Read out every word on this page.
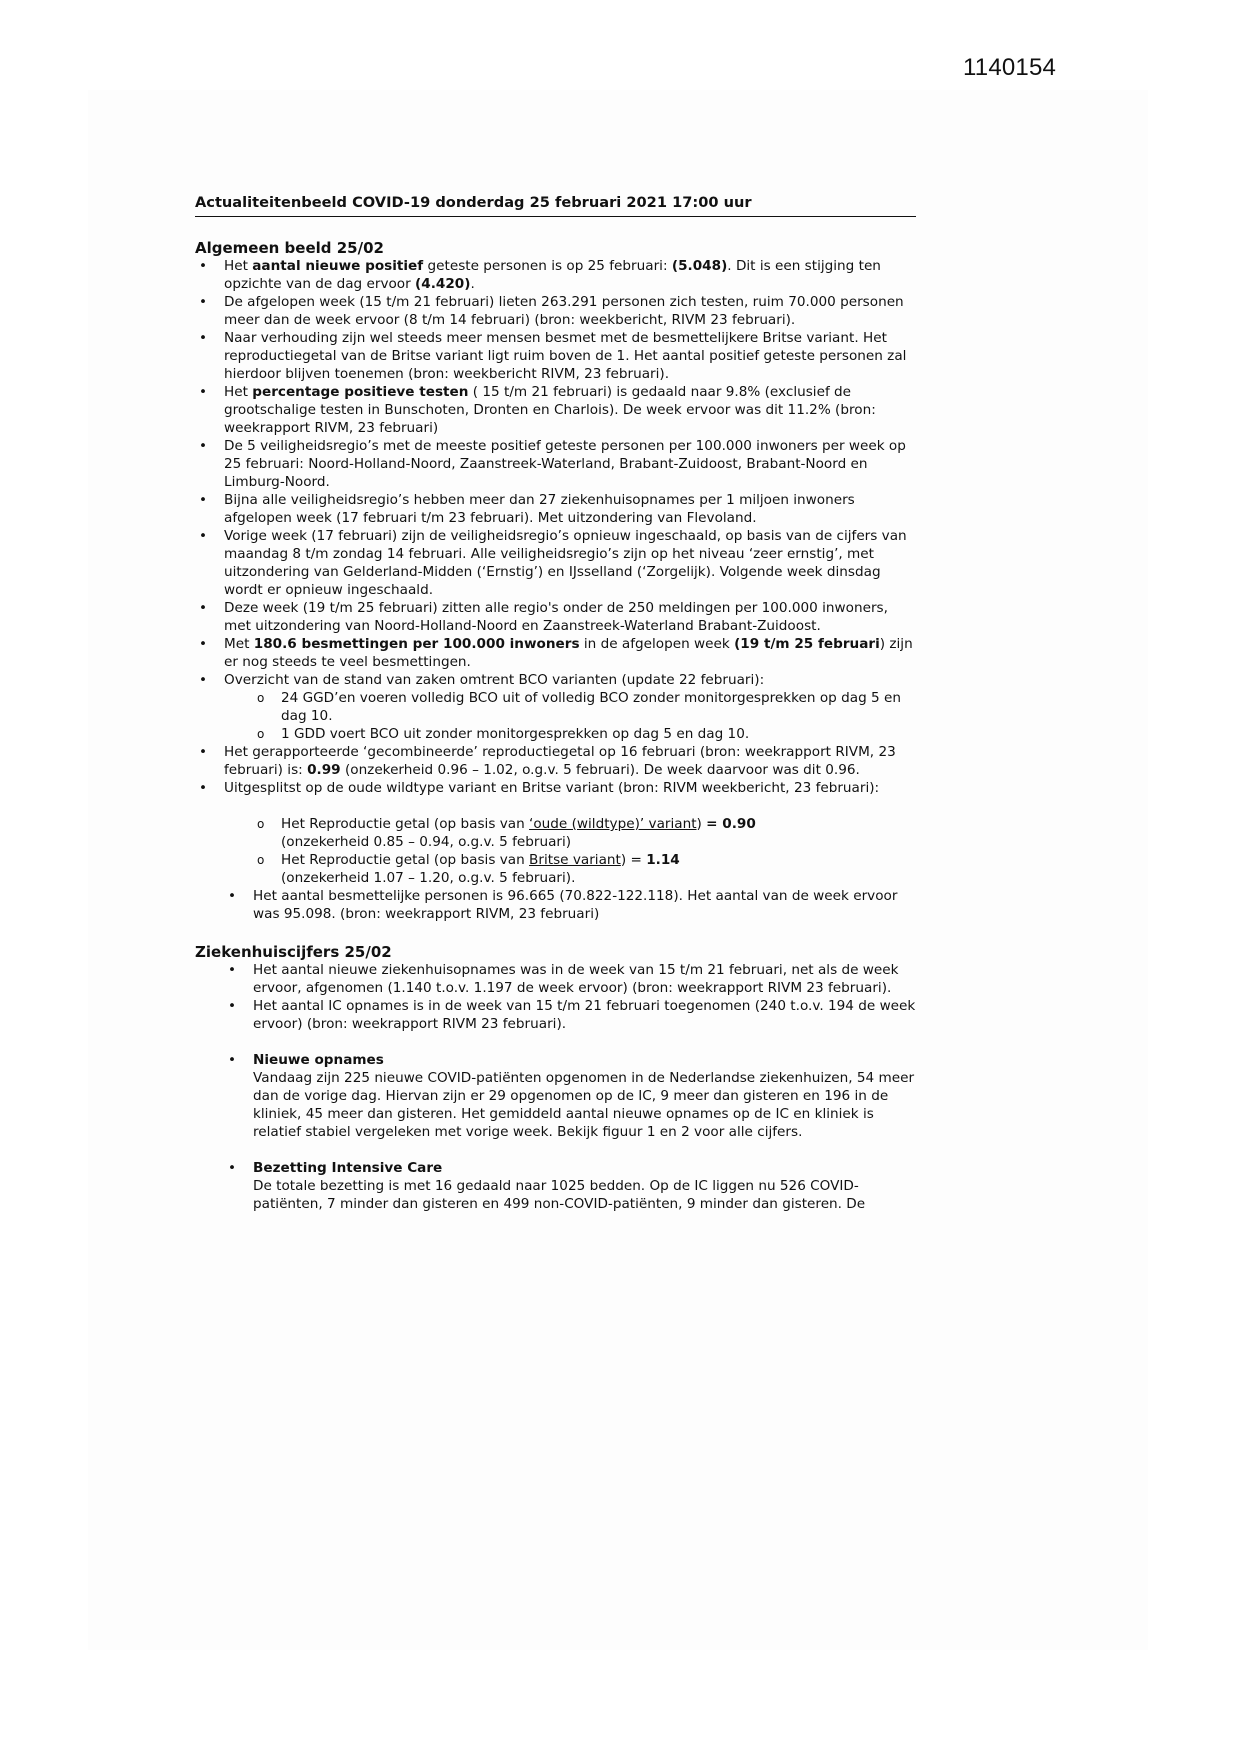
1140154
Actualiteitenbeeld COVID-19 donderdag 25 februari 2021 17:00 uur
Algemeen beeld 25/02
• Het aantal nieuwe positief geteste personen is op 25 februari: (5.048). Dit is een stijging ten opzichte van de dag ervoor (4.420).
• De afgelopen week (15 t/m 21 februari) lieten 263.291 personen zich testen, ruim 70.000 personen meer dan de week ervoor (8 t/m 14 februari) (bron: weekbericht, RIVM 23 februari).
• Naar verhouding zijn wel steeds meer mensen besmet met de besmettelijkere Britse variant. Het reproductiegetal van de Britse variant ligt ruim boven de 1. Het aantal positief geteste personen zal hierdoor blijven toenemen (bron: weekbericht RIVM, 23 februari).
• Het percentage positieve testen ( 15 t/m 21 februari) is gedaald naar 9.8% (exclusief de grootschalige testen in Bunschoten, Dronten en Charlois). De week ervoor was dit 11.2% (bron: weekrapport RIVM, 23 februari)
• De 5 veiligheidsregio’s met de meeste positief geteste personen per 100.000 inwoners per week op 25 februari: Noord-Holland-Noord, Zaanstreek-Waterland, Brabant-Zuidoost, Brabant-Noord en Limburg-Noord.
• Bijna alle veiligheidsregio’s hebben meer dan 27 ziekenhuisopnames per 1 miljoen inwoners afgelopen week (17 februari t/m 23 februari). Met uitzondering van Flevoland.
• Vorige week (17 februari) zijn de veiligheidsregio’s opnieuw ingeschaald, op basis van de cijfers van maandag 8 t/m zondag 14 februari. Alle veiligheidsregio’s zijn op het niveau ‘zeer ernstig’, met uitzondering van Gelderland-Midden (‘Ernstig’) en IJsselland (‘Zorgelijk). Volgende week dinsdag wordt er opnieuw ingeschaald.
• Deze week (19 t/m 25 februari) zitten alle regio's onder de 250 meldingen per 100.000 inwoners, met uitzondering van Noord-Holland-Noord en Zaanstreek-Waterland Brabant-Zuidoost.
• Met 180.6 besmettingen per 100.000 inwoners in de afgelopen week (19 t/m 25 februari) zijn er nog steeds te veel besmettingen.
• Overzicht van de stand van zaken omtrent BCO varianten (update 22 februari):
o 24 GGD’en voeren volledig BCO uit of volledig BCO zonder monitorgesprekken op dag 5 en dag 10.
o 1 GDD voert BCO uit zonder monitorgesprekken op dag 5 en dag 10.
• Het gerapporteerde ‘gecombineerde’ reproductiegetal op 16 februari (bron: weekrapport RIVM, 23 februari) is: 0.99 (onzekerheid 0.96 – 1.02, o.g.v. 5 februari). De week daarvoor was dit 0.96.
• Uitgesplitst op de oude wildtype variant en Britse variant (bron: RIVM weekbericht, 23 februari):
o Het Reproductie getal (op basis van ‘oude (wildtype)’ variant) = 0.90
(onzekerheid 0.85 – 0.94, o.g.v. 5 februari)
o Het Reproductie getal (op basis van Britse variant) = 1.14
(onzekerheid 1.07 – 1.20, o.g.v. 5 februari).
• Het aantal besmettelijke personen is 96.665 (70.822-122.118). Het aantal van de week ervoor was 95.098. (bron: weekrapport RIVM, 23 februari)
Ziekenhuiscijfers 25/02
• Het aantal nieuwe ziekenhuisopnames was in de week van 15 t/m 21 februari, net als de week ervoor, afgenomen (1.140 t.o.v. 1.197 de week ervoor) (bron: weekrapport RIVM 23 februari).
• Het aantal IC opnames is in de week van 15 t/m 21 februari toegenomen (240 t.o.v. 194 de week ervoor) (bron: weekrapport RIVM 23 februari).
• Nieuwe opnames
Vandaag zijn 225 nieuwe COVID-patiënten opgenomen in de Nederlandse ziekenhuizen, 54 meer dan de vorige dag. Hiervan zijn er 29 opgenomen op de IC, 9 meer dan gisteren en 196 in de kliniek, 45 meer dan gisteren. Het gemiddeld aantal nieuwe opnames op de IC en kliniek is relatief stabiel vergeleken met vorige week. Bekijk figuur 1 en 2 voor alle cijfers.
• Bezetting Intensive Care
De totale bezetting is met 16 gedaald naar 1025 bedden. Op de IC liggen nu 526 COVID-patiënten, 7 minder dan gisteren en 499 non-COVID-patiënten, 9 minder dan gisteren. De
